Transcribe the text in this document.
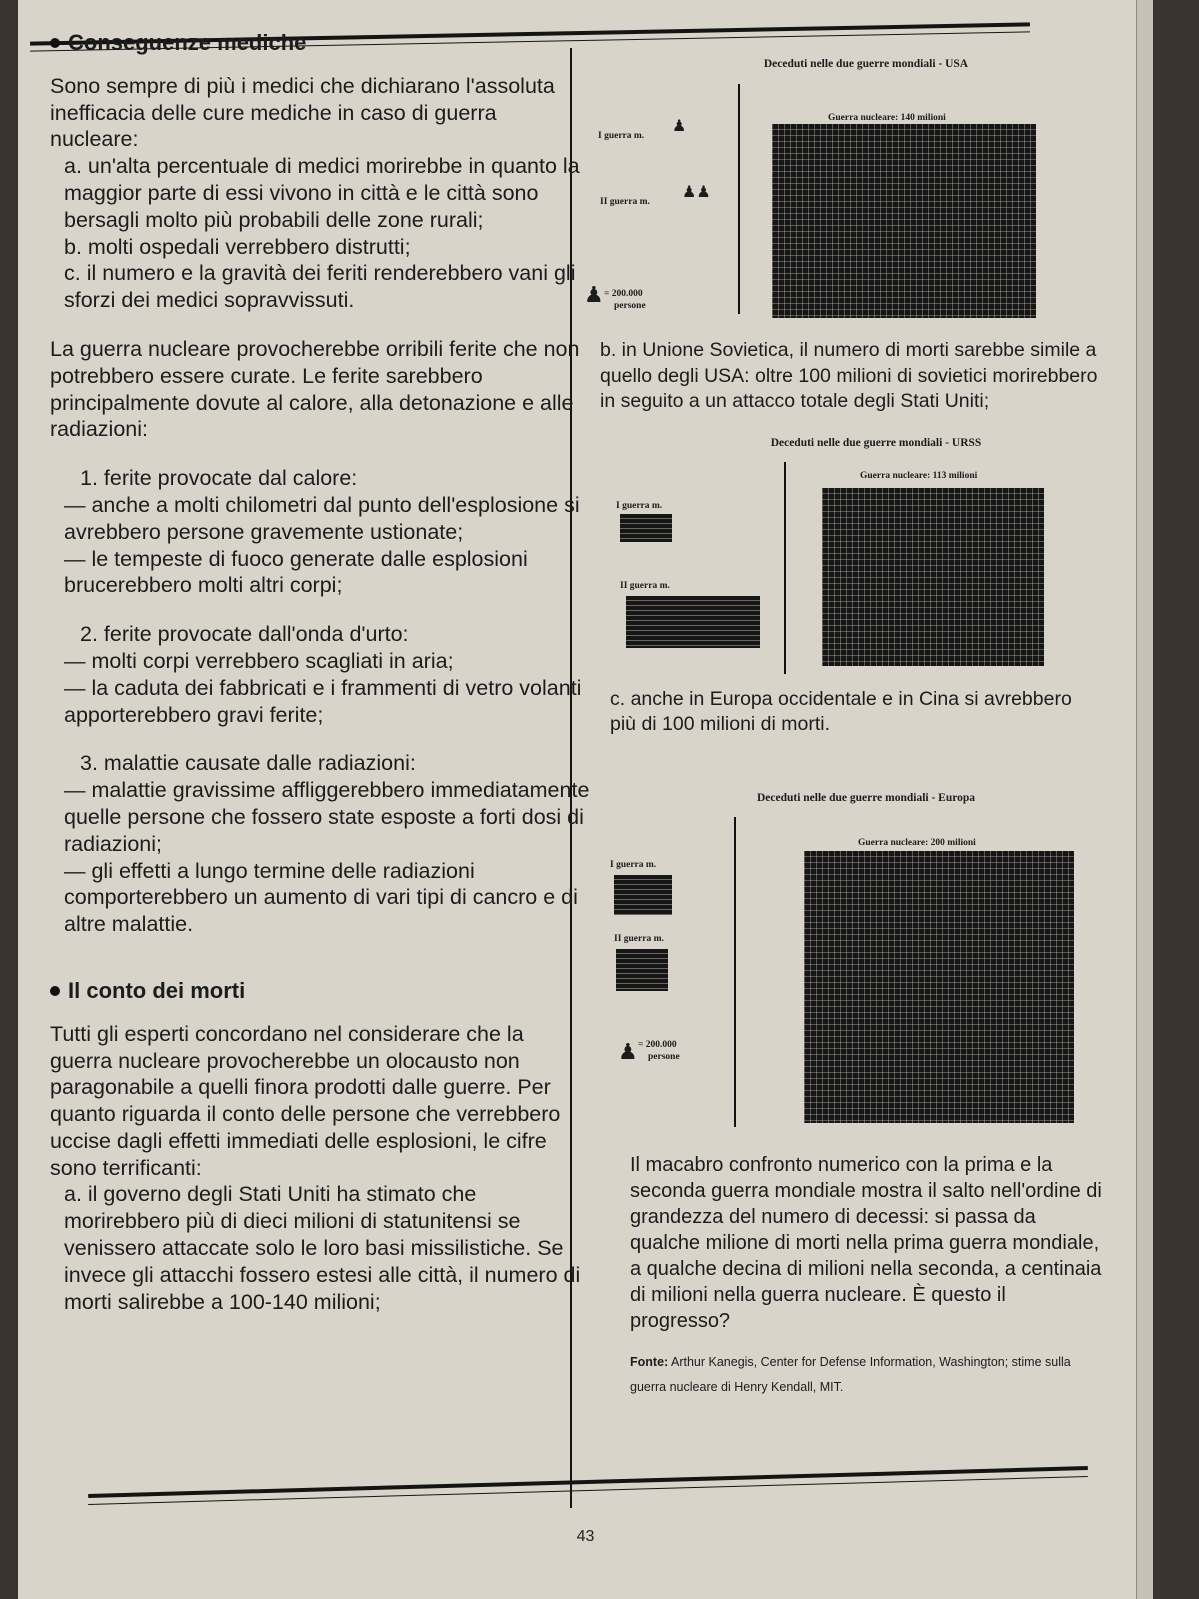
Conseguenze mediche

Sono sempre di più i medici che dichiarano l'assoluta inefficacia delle cure mediche in caso di guerra nucleare:

a. un'alta percentuale di medici morirebbe in quanto la maggior parte di essi vivono in città e le città sono bersagli molto più probabili delle zone rurali;

b. molti ospedali verrebbero distrutti;

c. il numero e la gravità dei feriti renderebbero vani gli sforzi dei medici sopravvissuti.

La guerra nucleare provocherebbe orribili ferite che non potrebbero essere curate. Le ferite sarebbero principalmente dovute al calore, alla detonazione e alle radiazioni:

1. ferite provocate dal calore:

— anche a molti chilometri dal punto dell'esplosione si avrebbero persone gravemente ustionate;

— le tempeste di fuoco generate dalle esplosioni brucerebbero molti altri corpi;

2. ferite provocate dall'onda d'urto:

— molti corpi verrebbero scagliati in aria;

— la caduta dei fabbricati e i frammenti di vetro volanti apporterebbero gravi ferite;

3. malattie causate dalle radiazioni:

— malattie gravissime affliggerebbero immediatamente quelle persone che fossero state esposte a forti dosi di radiazioni;

— gli effetti a lungo termine delle radiazioni comporterebbero un aumento di vari tipi di cancro e di altre malattie.

Il conto dei morti

Tutti gli esperti concordano nel considerare che la guerra nucleare provocherebbe un olocausto non paragonabile a quelli finora prodotti dalle guerre. Per quanto riguarda il conto delle persone che verrebbero uccise dagli effetti immediati delle esplosioni, le cifre sono terrificanti:

a. il governo degli Stati Uniti ha stimato che morirebbero più di dieci milioni di statunitensi se venissero attaccate solo le loro basi missilistiche. Se invece gli attacchi fossero estesi alle città, il numero di morti salirebbe a 100-140 milioni;

Deceduti nelle due guerre mondiali - USA
I guerra m.
♟
II guerra m.
♟♟
♟ = 200.000
persone
Guerra nucleare: 140 milioni

b. in Unione Sovietica, il numero di morti sarebbe simile a quello degli USA: oltre 100 milioni di sovietici morirebbero in seguito a un attacco totale degli Stati Uniti;

Deceduti nelle due guerre mondiali - URSS
I guerra m.
II guerra m.
Guerra nucleare: 113 milioni

c. anche in Europa occidentale e in Cina si avrebbero più di 100 milioni di morti.

Deceduti nelle due guerre mondiali - Europa
I guerra m.
II guerra m.
♟ = 200.000
persone
Guerra nucleare: 200 milioni

Il macabro confronto numerico con la prima e la seconda guerra mondiale mostra il salto nell'ordine di grandezza del numero di decessi: si passa da qualche milione di morti nella prima guerra mondiale, a qualche decina di milioni nella seconda, a centinaia di milioni nella guerra nucleare. È questo il progresso?

Fonte: Arthur Kanegis, Center for Defense Information, Washington; stime sulla guerra nucleare di Henry Kendall, MIT.
43
